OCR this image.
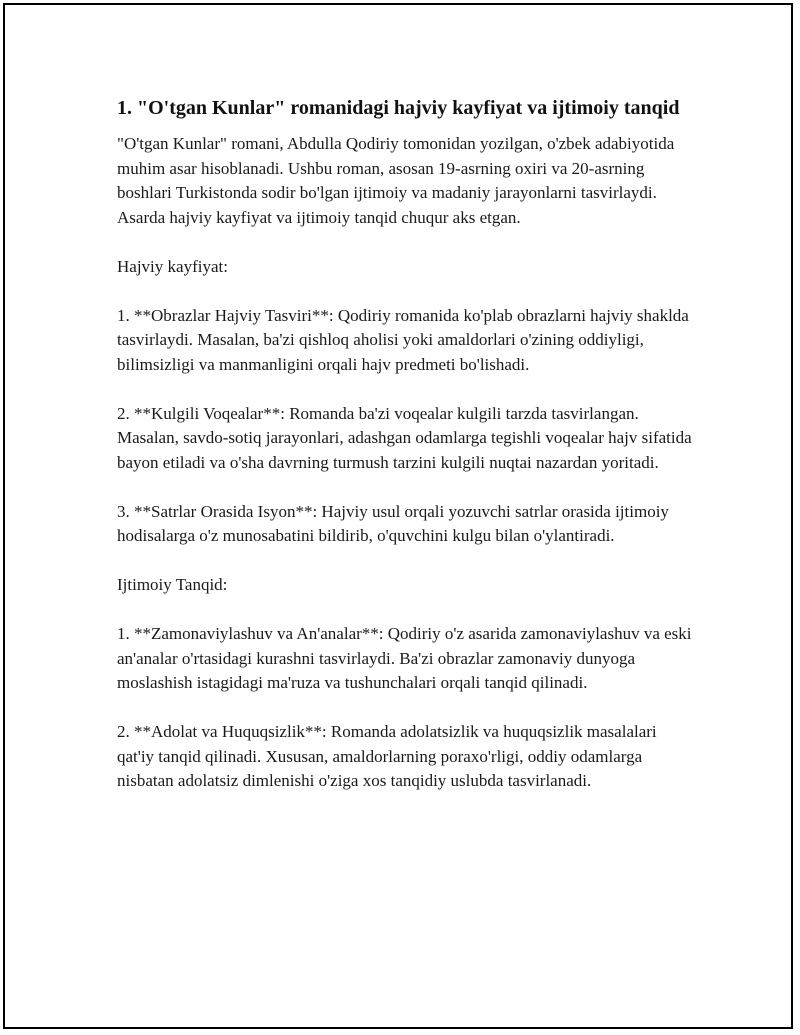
1. "O'tgan Kunlar" romanidagi hajviy kayfiyat va ijtimoiy tanqid

"O'tgan Kunlar" romani, Abdulla Qodiriy tomonidan yozilgan, o'zbek adabiyotida muhim asar hisoblanadi. Ushbu roman, asosan 19-asrning oxiri va 20-asrning boshlari Turkistonda sodir bo'lgan ijtimoiy va madaniy jarayonlarni tasvirlaydi. Asarda hajviy kayfiyat va ijtimoiy tanqid chuqur aks etgan.

Hajviy kayfiyat:

1. **Obrazlar Hajviy Tasviri**: Qodiriy romanida ko'plab obrazlarni hajviy shaklda tasvirlaydi. Masalan, ba'zi qishloq aholisi yoki amaldorlari o'zining oddiyligi, bilimsizligi va manmanligini orqali hajv predmeti bo'lishadi.

2. **Kulgili Voqealar**: Romanda ba'zi voqealar kulgili tarzda tasvirlangan. Masalan, savdo-sotiq jarayonlari, adashgan odamlarga tegishli voqealar hajv sifatida bayon etiladi va o'sha davrning turmush tarzini kulgili nuqtai nazardan yoritadi.

3. **Satrlar Orasida Isyon**: Hajviy usul orqali yozuvchi satrlar orasida ijtimoiy hodisalarga o'z munosabatini bildirib, o'quvchini kulgu bilan o'ylantiradi.

Ijtimoiy Tanqid:

1. **Zamonaviylashuv va An'analar**: Qodiriy o'z asarida zamonaviylashuv va eski an'analar o'rtasidagi kurashni tasvirlaydi. Ba'zi obrazlar zamonaviy dunyoga moslashish istagidagi ma'ruza va tushunchalari orqali tanqid qilinadi.

2. **Adolat va Huquqsizlik**: Romanda adolatsizlik va huquqsizlik masalalari qat'iy tanqid qilinadi. Xususan, amaldorlarning poraxo'rligi, oddiy odamlarga nisbatan adolatsiz dimlenishi o'ziga xos tanqidiy uslubda tasvirlanadi.
